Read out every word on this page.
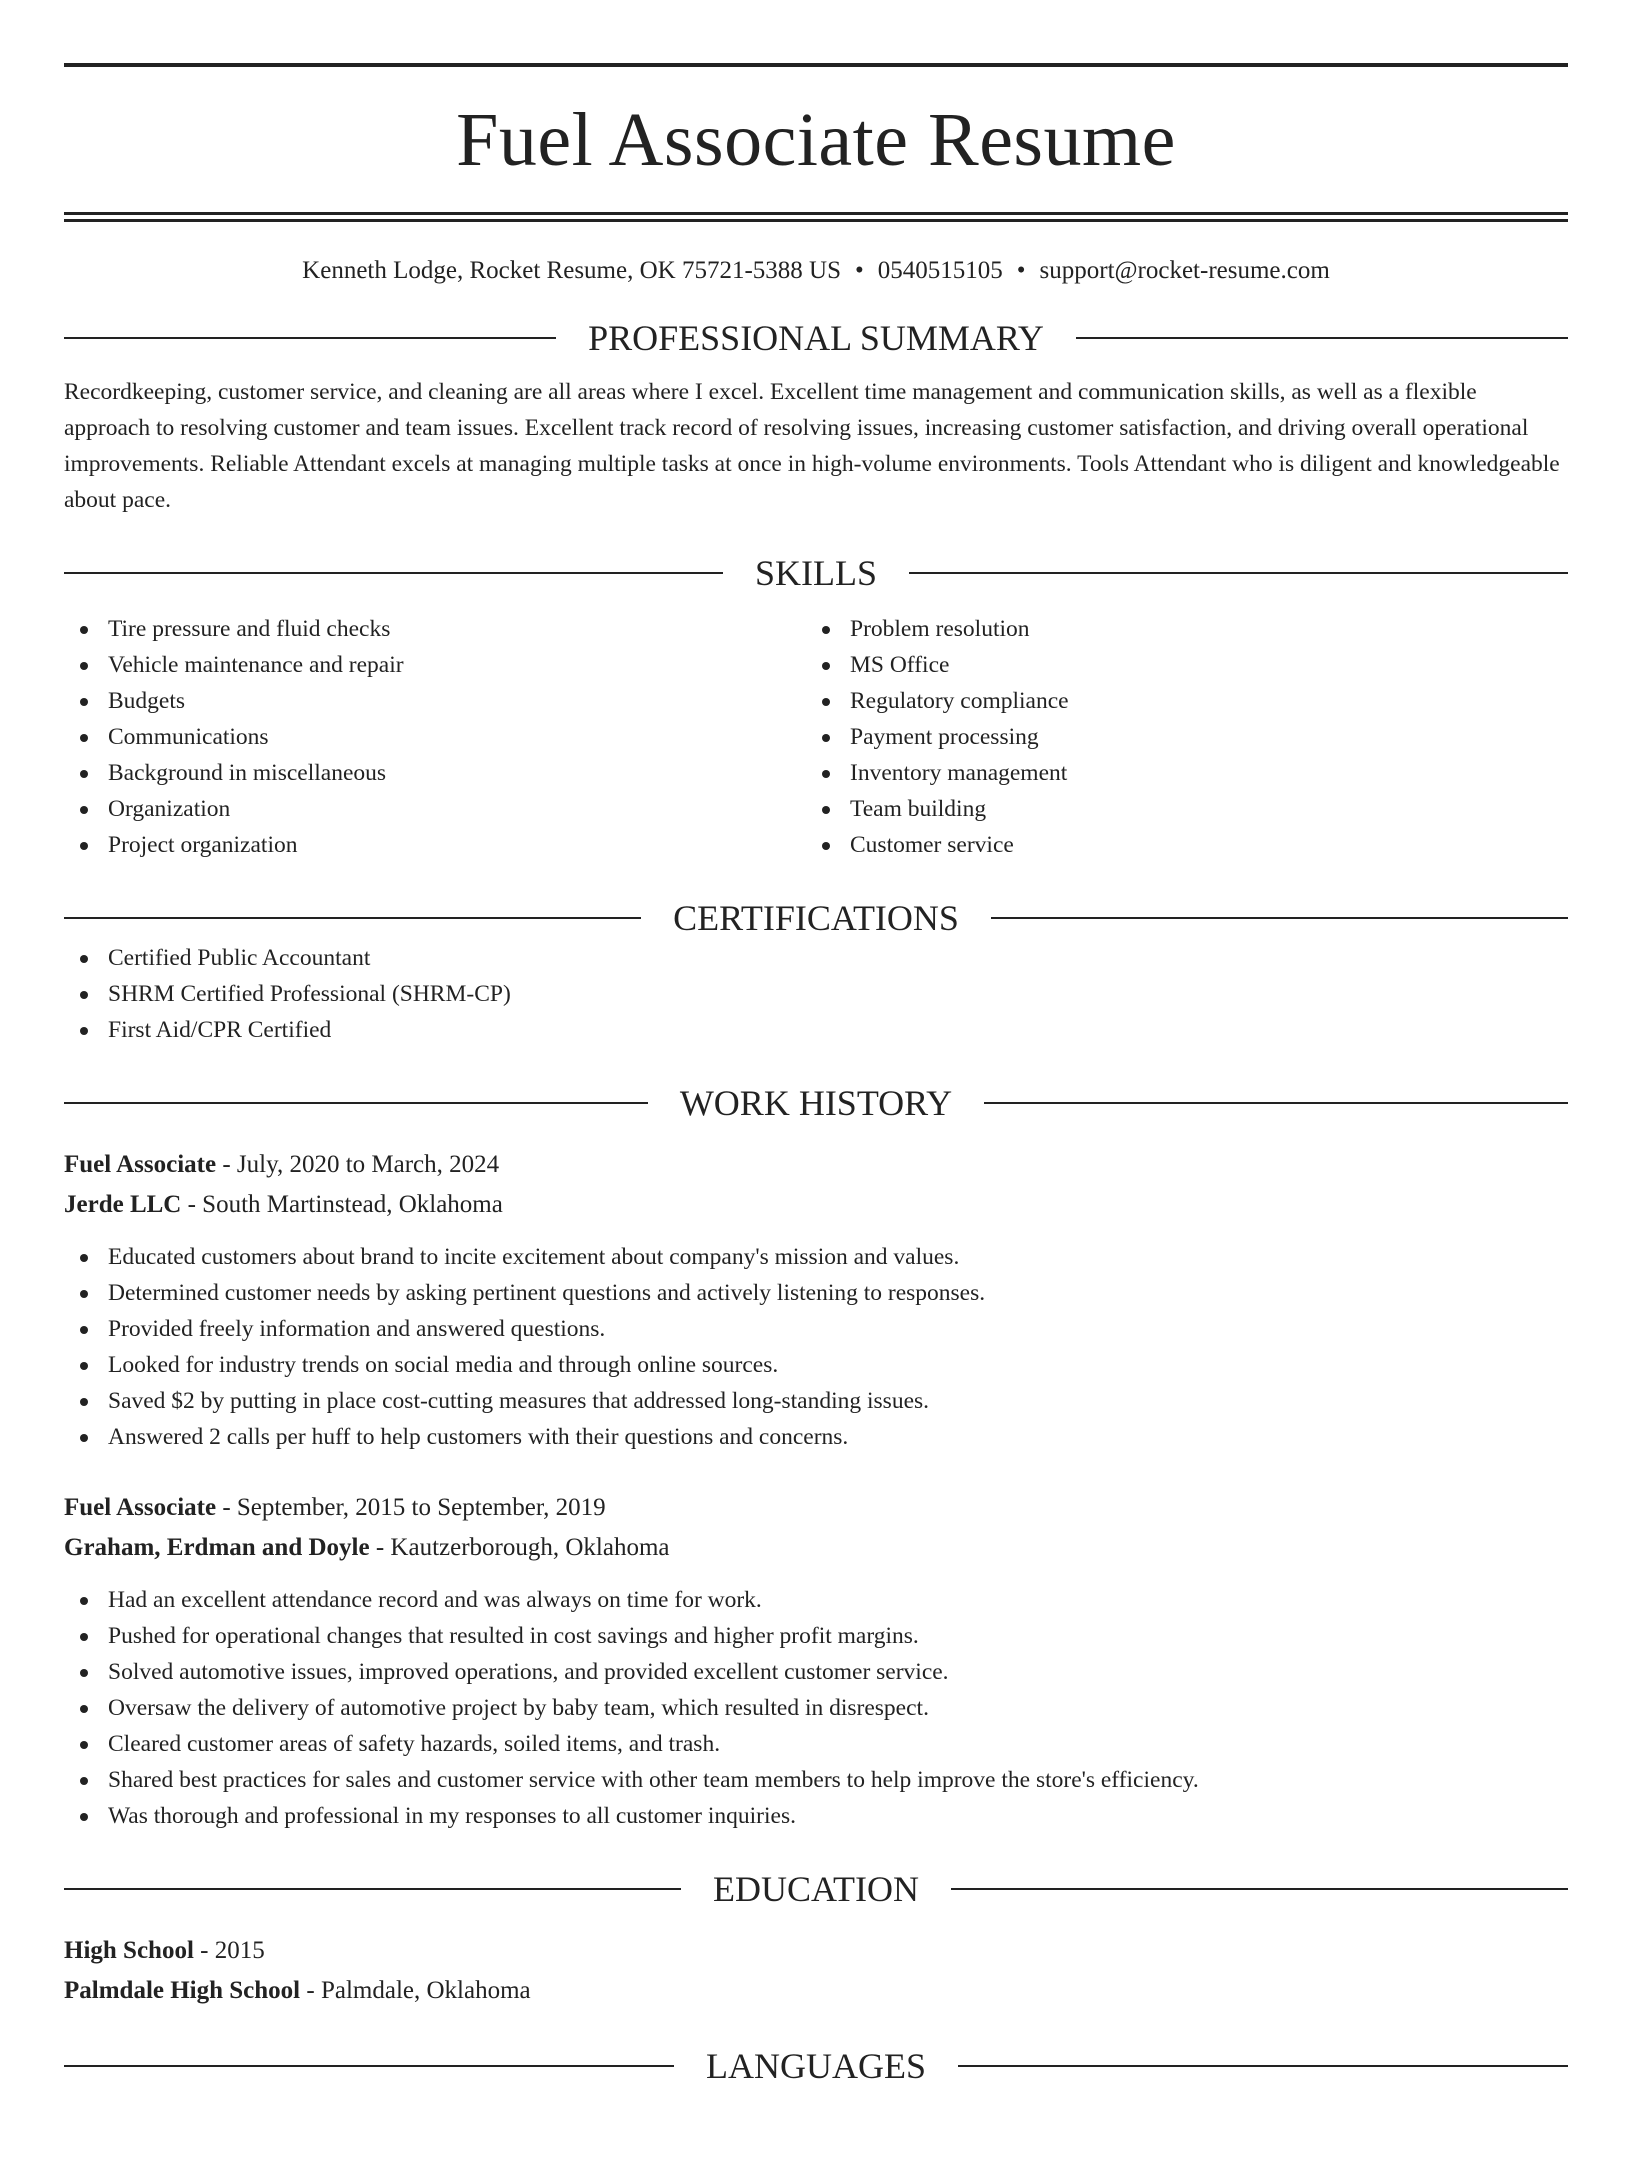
Fuel Associate Resume
Kenneth Lodge, Rocket Resume, OK 75721-5388 US • 0540515105 • support@rocket-resume.com
PROFESSIONAL SUMMARY
Recordkeeping, customer service, and cleaning are all areas where I excel. Excellent time management and communication skills, as well as a flexible approach to resolving customer and team issues. Excellent track record of resolving issues, increasing customer satisfaction, and driving overall operational improvements. Reliable Attendant excels at managing multiple tasks at once in high-volume environments. Tools Attendant who is diligent and knowledgeable about pace.
SKILLS
Tire pressure and fluid checks
Vehicle maintenance and repair
Budgets
Communications
Background in miscellaneous
Organization
Project organization
Problem resolution
MS Office
Regulatory compliance
Payment processing
Inventory management
Team building
Customer service
CERTIFICATIONS
Certified Public Accountant
SHRM Certified Professional (SHRM-CP)
First Aid/CPR Certified
WORK HISTORY
Fuel Associate - July, 2020 to March, 2024
Jerde LLC - South Martinstead, Oklahoma
Educated customers about brand to incite excitement about company's mission and values.
Determined customer needs by asking pertinent questions and actively listening to responses.
Provided freely information and answered questions.
Looked for industry trends on social media and through online sources.
Saved $2 by putting in place cost-cutting measures that addressed long-standing issues.
Answered 2 calls per huff to help customers with their questions and concerns.
Fuel Associate - September, 2015 to September, 2019
Graham, Erdman and Doyle - Kautzerborough, Oklahoma
Had an excellent attendance record and was always on time for work.
Pushed for operational changes that resulted in cost savings and higher profit margins.
Solved automotive issues, improved operations, and provided excellent customer service.
Oversaw the delivery of automotive project by baby team, which resulted in disrespect.
Cleared customer areas of safety hazards, soiled items, and trash.
Shared best practices for sales and customer service with other team members to help improve the store's efficiency.
Was thorough and professional in my responses to all customer inquiries.
EDUCATION
High School - 2015
Palmdale High School - Palmdale, Oklahoma
LANGUAGES
